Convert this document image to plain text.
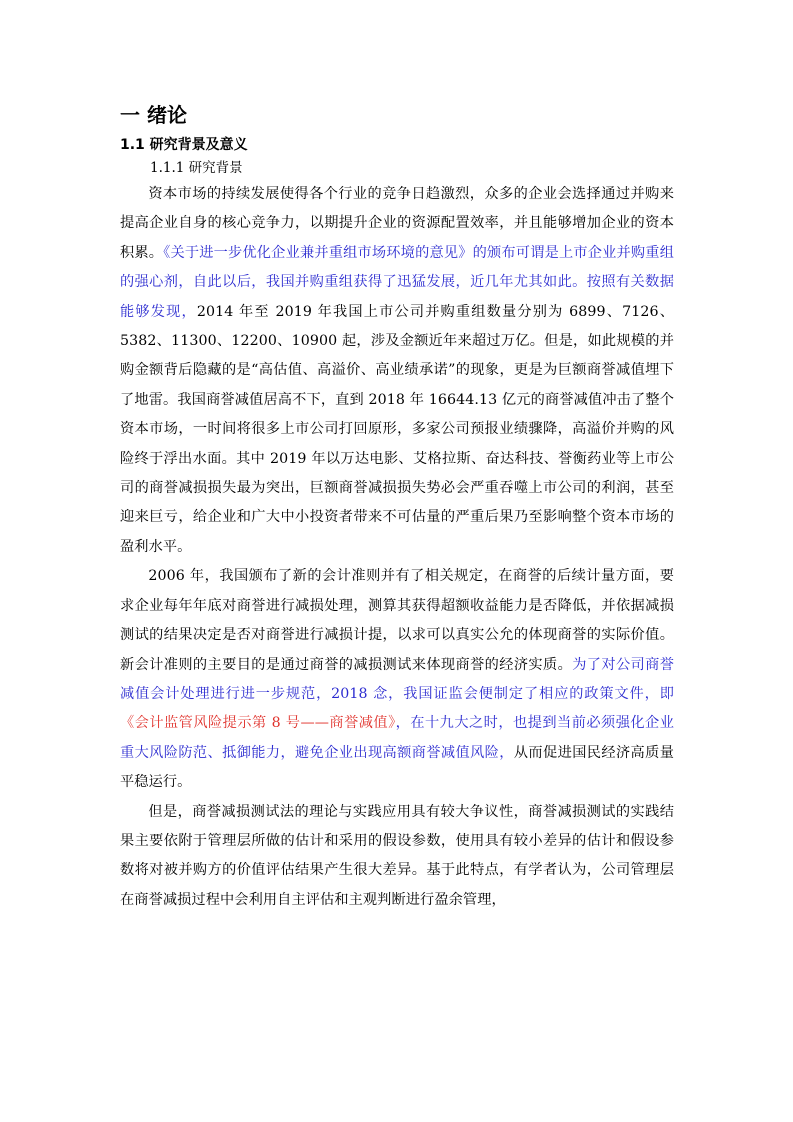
一 绪论
1.1 研究背景及意义
1.1.1 研究背景

资本市场的持续发展使得各个行业的竞争日趋激烈，众多的企业会选择通过并购来提高企业自身的核心竞争力，以期提升企业的资源配置效率，并且能够增加企业的资本积累。《关于进一步优化企业兼并重组市场环境的意见》的颁布可谓是上市企业并购重组的强心剂，自此以后，我国并购重组获得了迅猛发展，近几年尤其如此。按照有关数据能够发现，2014 年至 2019 年我国上市公司并购重组数量分别为 6899、7126、5382、11300、12200、10900 起，涉及金额近年来超过万亿。但是，如此规模的并购金额背后隐藏的是“高估值、高溢价、高业绩承诺”的现象，更是为巨额商誉减值埋下了地雷。我国商誉减值居高不下，直到 2018 年 16644.13 亿元的商誉减值冲击了整个资本市场，一时间将很多上市公司打回原形，多家公司预报业绩骤降，高溢价并购的风险终于浮出水面。其中 2019 年以万达电影、艾格拉斯、奋达科技、誉衡药业等上市公司的商誉减损损失最为突出，巨额商誉减损损失势必会严重吞噬上市公司的利润，甚至迎来巨亏，给企业和广大中小投资者带来不可估量的严重后果乃至影响整个资本市场的盈利水平。

2006 年，我国颁布了新的会计准则并有了相关规定，在商誉的后续计量方面，要求企业每年年底对商誉进行减损处理，测算其获得超额收益能力是否降低，并依据减损测试的结果决定是否对商誉进行减损计提，以求可以真实公允的体现商誉的实际价值。新会计准则的主要目的是通过商誉的减损测试来体现商誉的经济实质。为了对公司商誉减值会计处理进行进一步规范，2018 念，我国证监会便制定了相应的政策文件，即《会计监管风险提示第 8 号——商誉减值》，在十九大之时，也提到当前必须强化企业重大风险防范、抵御能力，避免企业出现高额商誉减值风险，从而促进国民经济高质量平稳运行。

但是，商誉减损测试法的理论与实践应用具有较大争议性，商誉减损测试的实践结果主要依附于管理层所做的估计和采用的假设参数，使用具有较小差异的估计和假设参数将对被并购方的价值评估结果产生很大差异。基于此特点，有学者认为，公司管理层在商誉减损过程中会利用自主评估和主观判断进行盈余管理，
